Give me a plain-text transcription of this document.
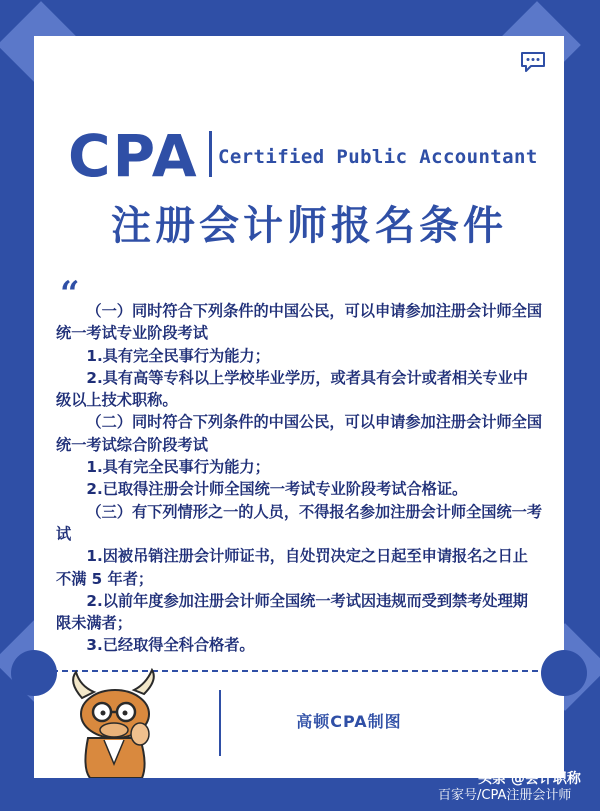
CPA Certified Public Accountant
注册会计师报名条件
“ （一）同时符合下列条件的中国公民，可以申请参加注册会计师全国统一考试专业阶段考试

1.具有完全民事行为能力；

2.具有高等专科以上学校毕业学历，或者具有会计或者相关专业中级以上技术职称。

（二）同时符合下列条件的中国公民，可以申请参加注册会计师全国统一考试综合阶段考试

1.具有完全民事行为能力；

2.已取得注册会计师全国统一考试专业阶段考试合格证。

（三）有下列情形之一的人员，不得报名参加注册会计师全国统一考试

1.因被吊销注册会计师证书，自处罚决定之日起至申请报名之日止不满 5 年者；

2.以前年度参加注册会计师全国统一考试因违规而受到禁考处理期限未满者；

3.已经取得全科合格者。

高顿CPA制图
头条 @会计职称
百家号/CPA注册会计师
